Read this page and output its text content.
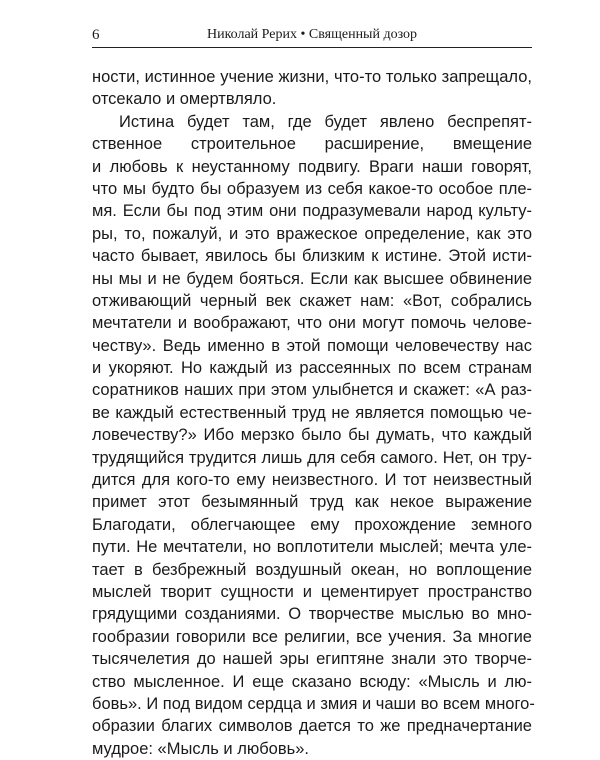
6	Николай Рерих • Священный дозор
ности, истинное учение жизни, что-то только запрещало,
отсекало и омертвляло.
Истина будет там, где будет явлено беспрепят-
ственное строительное расширение, вмещение
и любовь к неустанному подвигу. Враги наши говорят,
что мы будто бы образуем из себя какое-то особое пле-
мя. Если бы под этим они подразумевали народ культу-
ры, то, пожалуй, и это вражеское определение, как это
часто бывает, явилось бы близким к истине. Этой исти-
ны мы и не будем бояться. Если как высшее обвинение
отживающий черный век скажет нам: «Вот, собрались
мечтатели и воображают, что они могут помочь челове-
честву». Ведь именно в этой помощи человечеству нас
и укоряют. Но каждый из рассеянных по всем странам
соратников наших при этом улыбнется и скажет: «А раз-
ве каждый естественный труд не является помощью че-
ловечеству?» Ибо мерзко было бы думать, что каждый
трудящийся трудится лишь для себя самого. Нет, он тру-
дится для кого-то ему неизвестного. И тот неизвестный
примет этот безымянный труд как некое выражение
Благодати, облегчающее ему прохождение земного
пути. Не мечтатели, но воплотители мыслей; мечта уле-
тает в безбрежный воздушный океан, но воплощение
мыслей творит сущности и цементирует пространство
грядущими созданиями. О творчестве мыслью во мно-
гообразии говорили все религии, все учения. За многие
тысячелетия до нашей эры египтяне знали это творче-
ство мысленное. И еще сказано всюду: «Мысль и лю-
бовь». И под видом сердца и змия и чаши во всем много-
образии благих символов дается то же предначертание
мудрое: «Мысль и любовь».
